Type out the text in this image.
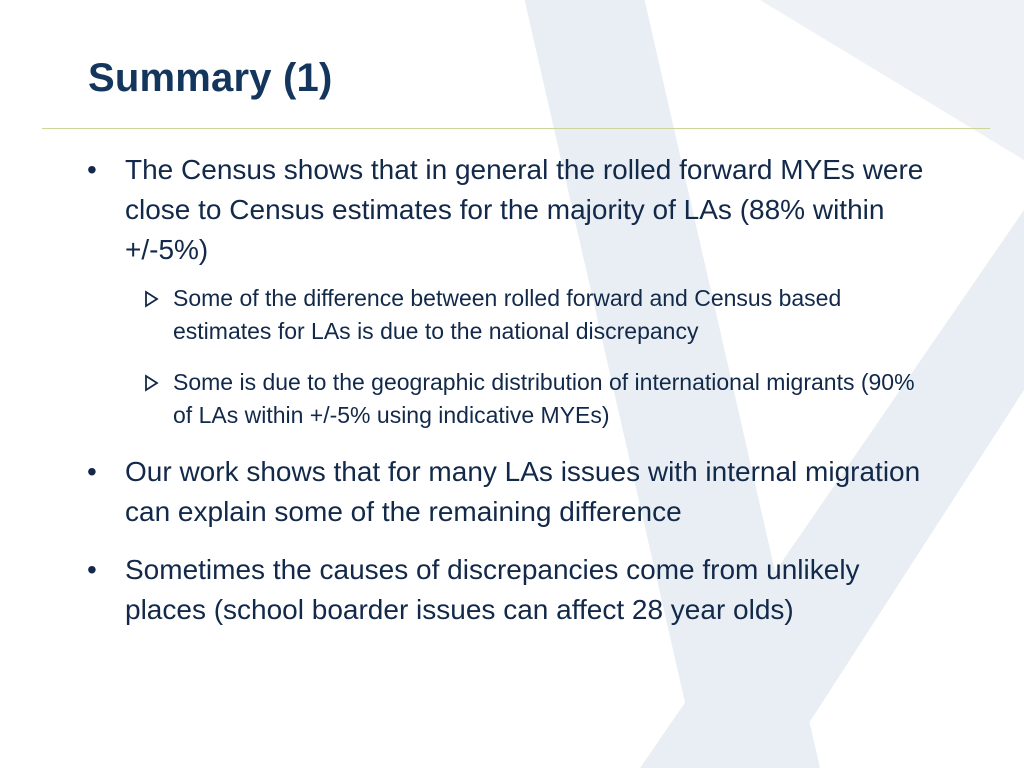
Summary (1)
• The Census shows that in general the rolled forward MYEs were close to Census estimates for the majority of LAs (88% within +/-5%)

Some of the difference between rolled forward and Census based estimates for LAs is due to the national discrepancy

Some is due to the geographic distribution of international migrants (90% of LAs within +/-5% using indicative MYEs)

• Our work shows that for many LAs issues with internal migration can explain some of the remaining difference

• Sometimes the causes of discrepancies come from unlikely places (school boarder issues can affect 28 year olds)
